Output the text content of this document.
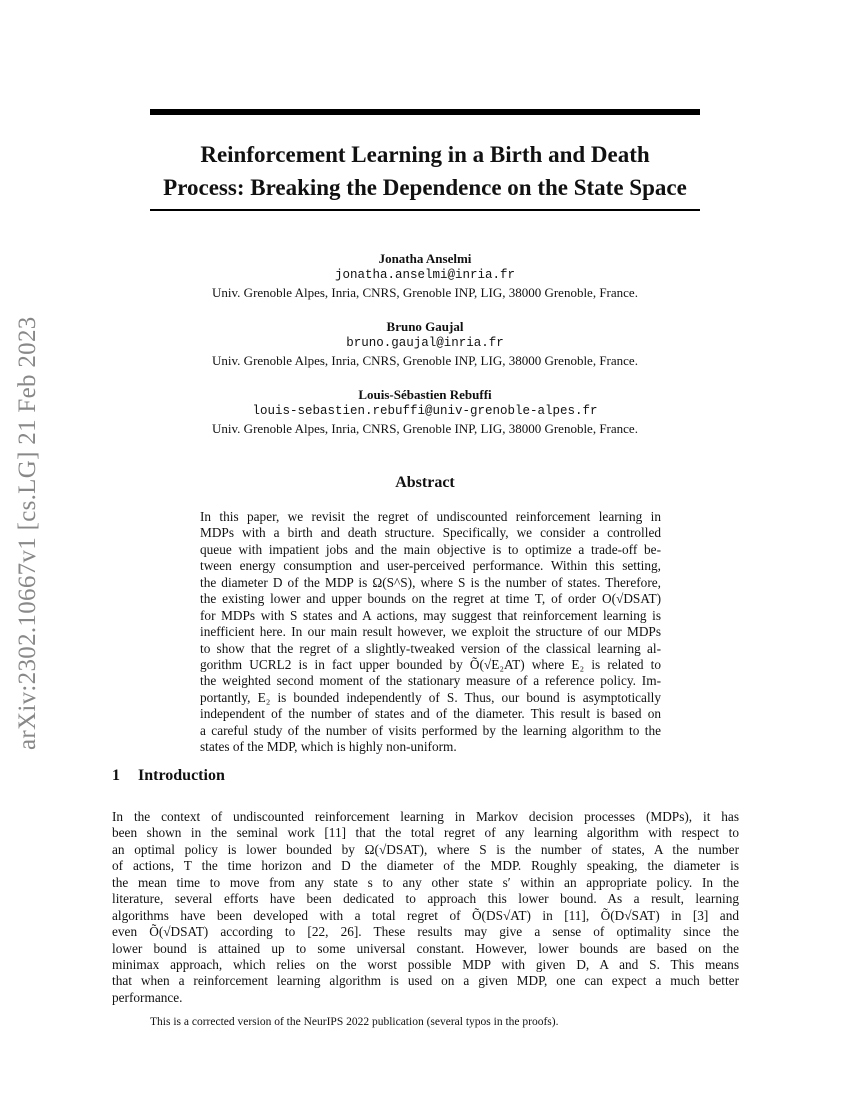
arXiv:2302.10667v1 [cs.LG] 21 Feb 2023
Reinforcement Learning in a Birth and Death
Process: Breaking the Dependence on the State Space
Jonatha Anselmi
jonatha.anselmi@inria.fr
Univ. Grenoble Alpes, Inria, CNRS, Grenoble INP, LIG, 38000 Grenoble, France.
Bruno Gaujal
bruno.gaujal@inria.fr
Univ. Grenoble Alpes, Inria, CNRS, Grenoble INP, LIG, 38000 Grenoble, France.
Louis-Sébastien Rebuffi
louis-sebastien.rebuffi@univ-grenoble-alpes.fr
Univ. Grenoble Alpes, Inria, CNRS, Grenoble INP, LIG, 38000 Grenoble, France.
Abstract
In this paper, we revisit the regret of undiscounted reinforcement learning in
MDPs with a birth and death structure. Specifically, we consider a controlled
queue with impatient jobs and the main objective is to optimize a trade-off be-
tween energy consumption and user-perceived performance. Within this setting,
the diameter D of the MDP is Ω(S^S), where S is the number of states. Therefore,
the existing lower and upper bounds on the regret at time T, of order O(√DSAT)
for MDPs with S states and A actions, may suggest that reinforcement learning is
inefficient here. In our main result however, we exploit the structure of our MDPs
to show that the regret of a slightly-tweaked version of the classical learning al-
gorithm UCRL2 is in fact upper bounded by Õ(√E₂AT) where E₂ is related to
the weighted second moment of the stationary measure of a reference policy. Im-
portantly, E₂ is bounded independently of S. Thus, our bound is asymptotically
independent of the number of states and of the diameter. This result is based on
a careful study of the number of visits performed by the learning algorithm to the
states of the MDP, which is highly non-uniform.
1 Introduction
In the context of undiscounted reinforcement learning in Markov decision processes (MDPs), it has
been shown in the seminal work [11] that the total regret of any learning algorithm with respect to
an optimal policy is lower bounded by Ω(√DSAT), where S is the number of states, A the number
of actions, T the time horizon and D the diameter of the MDP. Roughly speaking, the diameter is
the mean time to move from any state s to any other state s′ within an appropriate policy. In the
literature, several efforts have been dedicated to approach this lower bound. As a result, learning
algorithms have been developed with a total regret of Õ(DS√AT) in [11], Õ(D√SAT) in [3] and
even Õ(√DSAT) according to [22, 26]. These results may give a sense of optimality since the
lower bound is attained up to some universal constant. However, lower bounds are based on the
minimax approach, which relies on the worst possible MDP with given D, A and S. This means
that when a reinforcement learning algorithm is used on a given MDP, one can expect a much better
performance.
This is a corrected version of the NeurIPS 2022 publication (several typos in the proofs).
